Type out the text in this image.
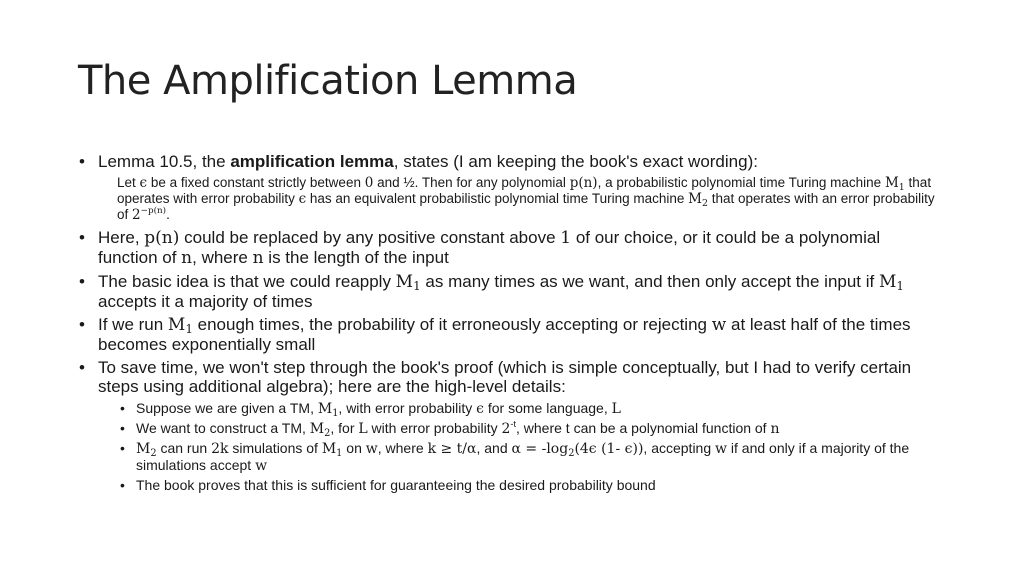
The Amplification Lemma
• Lemma 10.5, the amplification lemma, states (I am keeping the book's exact wording):
Let ϵ be a fixed constant strictly between 0 and ½. Then for any polynomial p(n), a probabilistic polynomial time Turing machine $M_1$ that operates with error probability ϵ has an equivalent probabilistic polynomial time Turing machine $M_2$ that operates with an error probability of $2^{-p(n)}$.
• Here, p(n) could be replaced by any positive constant above 1 of our choice, or it could be a polynomial function of n, where n is the length of the input
• The basic idea is that we could reapply $M_1$ as many times as we want, and then only accept the input if $M_1$ accepts it a majority of times
• If we run $M_1$ enough times, the probability of it erroneously accepting or rejecting w at least half of the times becomes exponentially small
• To save time, we won't step through the book's proof (which is simple conceptually, but I had to verify certain steps using additional algebra); here are the high-level details:
• Suppose we are given a TM, $M_1$, with error probability ϵ for some language, L
• We want to construct a TM, $M_2$, for L with error probability $2^{-t}$, where t can be a polynomial function of n
• $M_2$ can run 2k simulations of $M_1$ on w, where k ≥ t/α, and $\alpha = -\log_2(4\epsilon$ (1- ϵ)), accepting w if and only if a majority of the simulations accept w
• The book proves that this is sufficient for guaranteeing the desired probability bound
